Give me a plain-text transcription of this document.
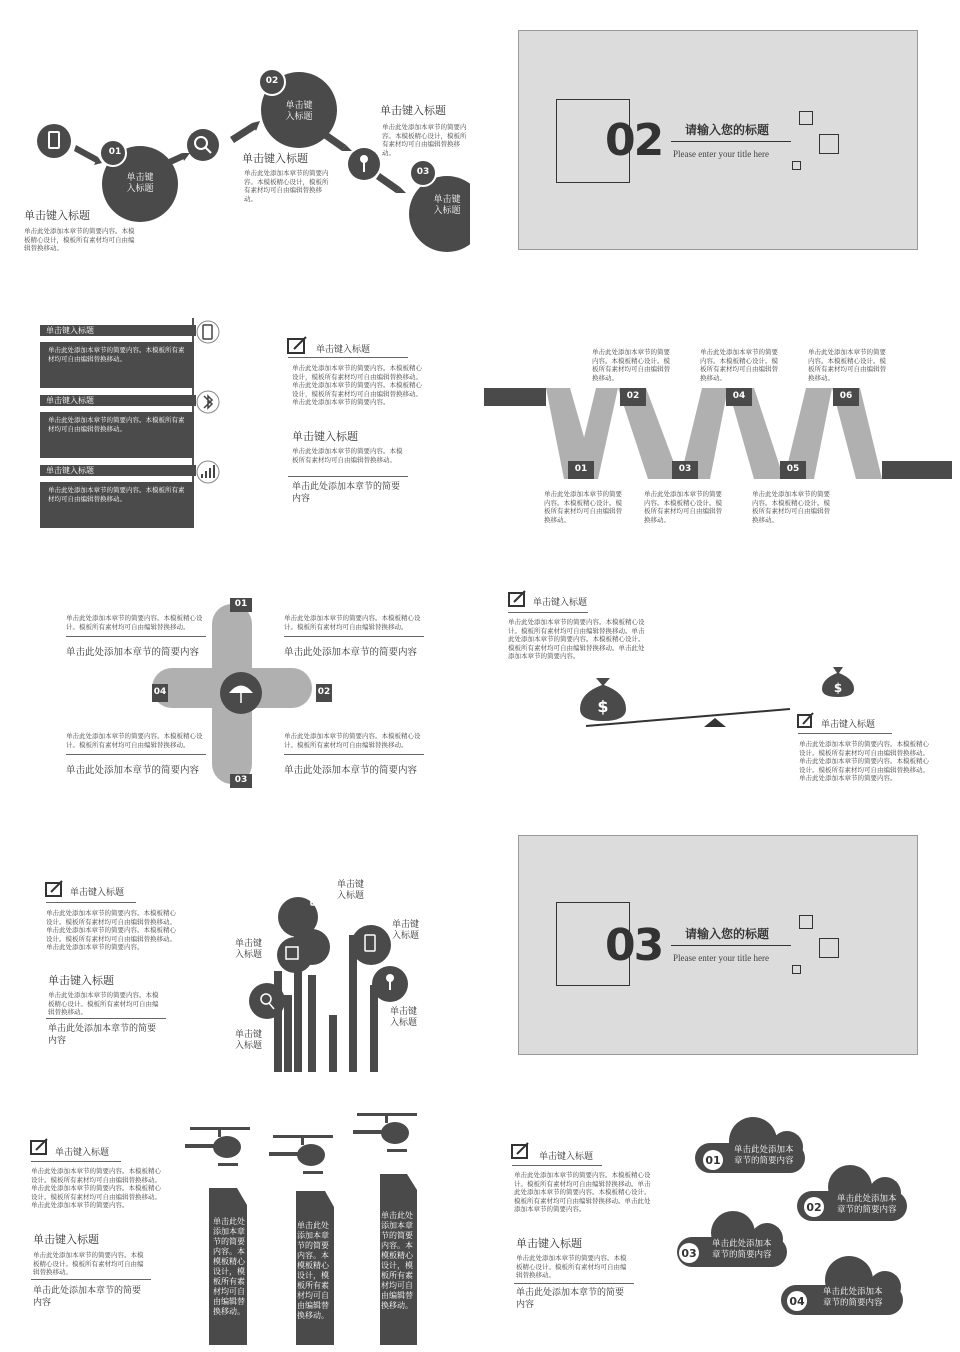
01
单击键
入标题
02
单击键
入标题
03
单击键
入标题
单击键入标题
单击此处添加本章节的简要内容。本模板精心设计，模板所有素材均可自由编辑替换移动。
单击键入标题
单击此处添加本章节的简要内容。本模板精心设计，模板所有素材均可自由编辑替换移动。
单击键入标题
单击此处添加本章节的简要内容。本模板精心设计，模板所有素材均可自由编辑替换移动。	02 请输入您的标题
Please enter your title here
单击键入标题
单击此处添加本章节的简要内容。本模板所有素材均可自由编辑替换移动。
单击键入标题
单击此处添加本章节的简要内容。本模板所有素材均可自由编辑替换移动。
单击键入标题
单击此处添加本章节的简要内容。本模板所有素材均可自由编辑替换移动。
单击键入标题
单击此处添加本章节的简要内容。本模板精心设计，模板所有素材均可自由编辑替换移动。单击此处添加本章节的简要内容。本模板精心设计，模板所有素材均可自由编辑替换移动。单击此处添加本章节的简要内容。
单击键入标题
单击此处添加本章节的简要内容。本模板所有素材均可自由编辑替换移动。
单击此处添加本章节的简要内容
01
02
03
04
05
06
单击此处添加本章节的简要内容。本模板精心设计。模板所有素材均可自由编辑替换移动。
单击此处添加本章节的简要内容。本模板精心设计。模板所有素材均可自由编辑替换移动。
单击此处添加本章节的简要内容。本模板精心设计。模板所有素材均可自由编辑替换移动。
单击此处添加本章节的简要内容。本模板精心设计。模板所有素材均可自由编辑替换移动。
单击此处添加本章节的简要内容。本模板精心设计。模板所有素材均可自由编辑替换移动。
单击此处添加本章节的简要内容。本模板精心设计。模板所有素材均可自由编辑替换移动。
01
02
03
04
单击此处添加本章节的简要内容。本模板精心设计。模板所有素材均可自由编辑替换移动。
单击此处添加本章节的简要内容
单击此处添加本章节的简要内容。本模板精心设计。模板所有素材均可自由编辑替换移动。
单击此处添加本章节的简要内容
单击此处添加本章节的简要内容。本模板精心设计。模板所有素材均可自由编辑替换移动。
单击此处添加本章节的简要内容
单击此处添加本章节的简要内容。本模板精心设计。模板所有素材均可自由编辑替换移动。
单击此处添加本章节的简要内容
$
$
单击键入标题
单击此处添加本章节的简要内容。本模板精心设计。模板所有素材均可自由编辑替换移动。单击此处添加本章节的简要内容。本模板精心设计。模板所有素材均可自由编辑替换移动。单击此处添加本章节的简要内容。
单击键入标题
单击此处添加本章节的简要内容。本模板精心设计。模板所有素材均可自由编辑替换移动。单击此处添加本章节的简要内容。本模板精心设计。模板所有素材均可自由编辑替换移动。单击此处添加本章节的简要内容。
单击键入标题
单击此处添加本章节的简要内容。本模板精心设计。模板所有素材均可自由编辑替换移动。单击此处添加本章节的简要内容。本模板精心设计。模板所有素材均可自由编辑替换移动。单击此处添加本章节的简要内容。
单击键入标题
单击此处添加本章节的简要内容。本模板精心设计。模板所有素材均可自由编辑替换移动。
单击此处添加本章节的简要内容
单击键
入标题
单击键
入标题
单击键
入标题
单击键
入标题
单击键
入标题
03 请输入您的标题
Please enter your title here
单击键入标题
单击此处添加本章节的简要内容。本模板精心设计。模板所有素材均可自由编辑替换移动。单击此处添加本章节的简要内容。本模板精心设计。模板所有素材均可自由编辑替换移动。单击此处添加本章节的简要内容。
单击键入标题
单击此处添加本章节的简要内容。本模板精心设计。模板所有素材均可自由编辑替换移动。
单击此处添加本章节的简要内容
单击此处添加本章节的简要内容。本模板精心设计，模板所有素材均可自由编辑替换移动。
单击此处添加本章节的简要内容。本模板精心设计，模板所有素材均可自由编辑替换移动。
单击此处添加本章节的简要内容。本模板精心设计，模板所有素材均可自由编辑替换移动。
01
单击此处添加本
章节的简要内容
02
单击此处添加本
章节的简要内容
03
单击此处添加本
章节的简要内容
04
单击此处添加本
章节的简要内容
单击键入标题
单击此处添加本章节的简要内容。本模板精心设计。模板所有素材均可自由编辑替换移动。单击此处添加本章节的简要内容。本模板精心设计。模板所有素材均可自由编辑替换移动。单击此处添加本章节的简要内容。
单击键入标题
单击此处添加本章节的简要内容。本模板精心设计。模板所有素材均可自由编辑替换移动。
单击此处添加本章节的简要内容
